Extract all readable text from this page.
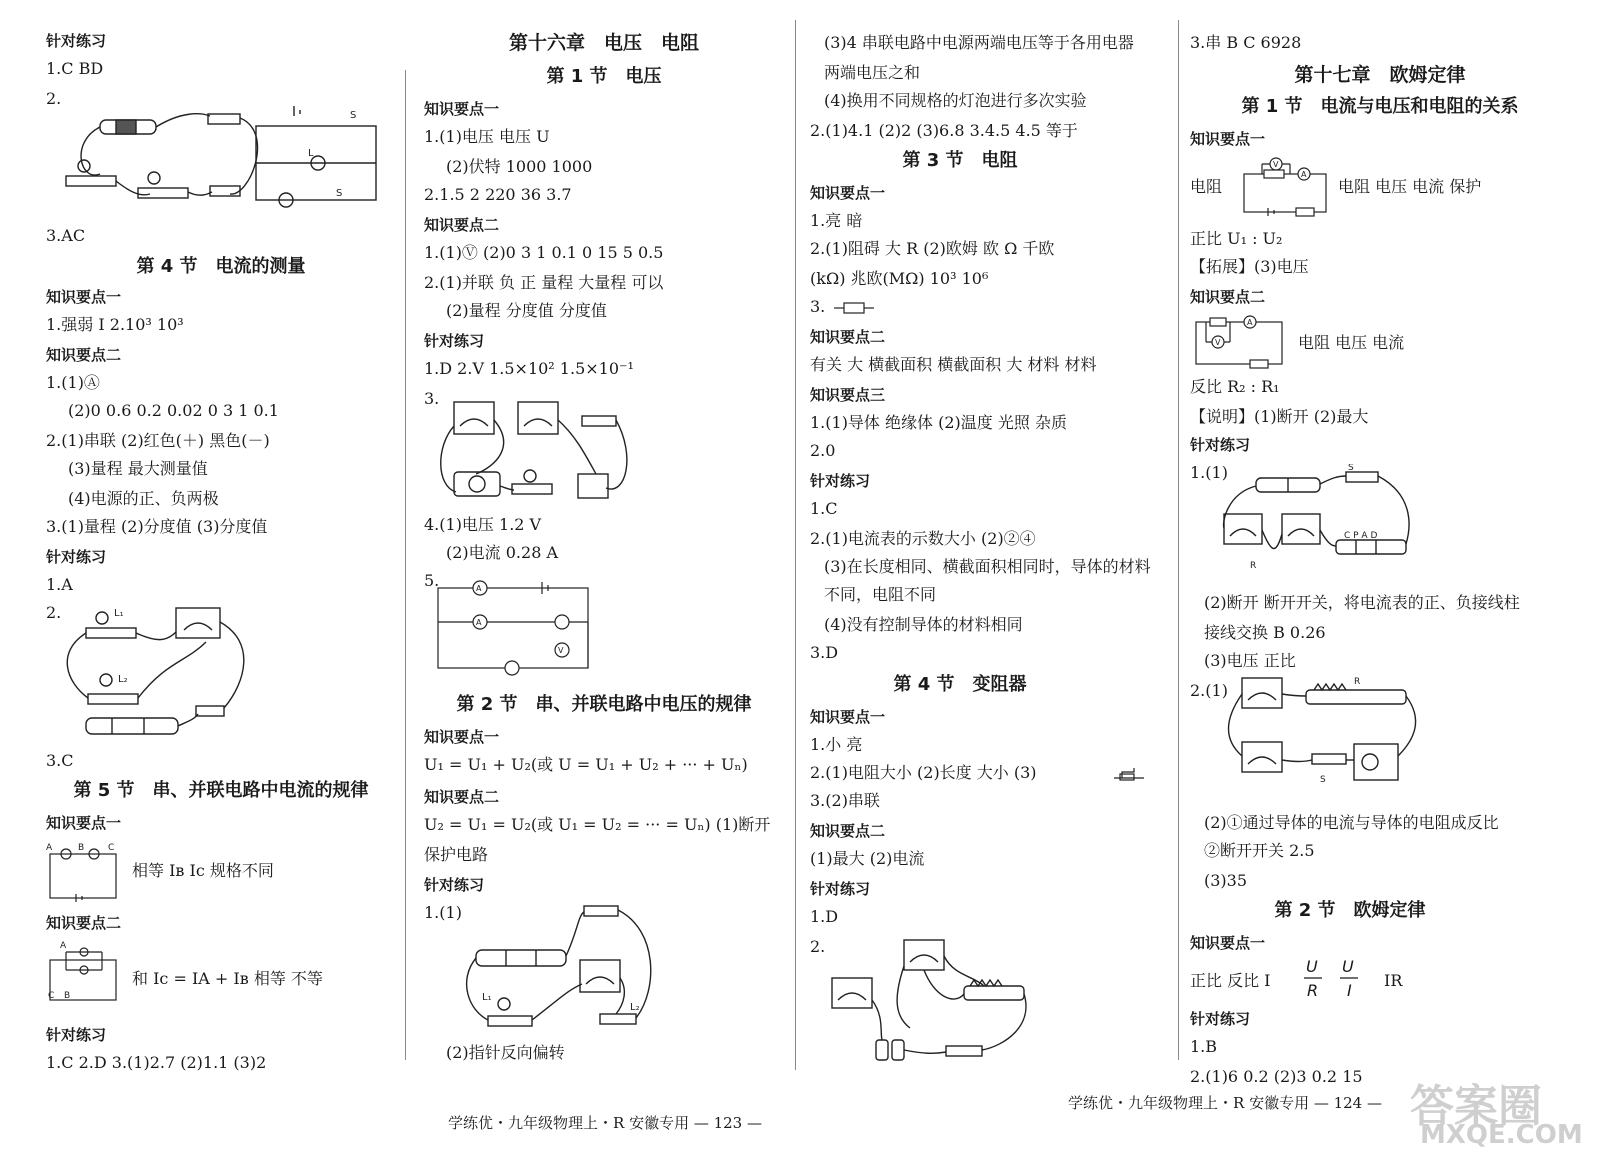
针对练习
1.C BD
2.
L
S
S
3.AC
第 4 节　电流的测量
知识要点一
1.强弱 I 2.10³ 10³
知识要点二
1.(1)Ⓐ
(2)0 0.6 0.2 0.02 0 3 1 0.1
2.(1)串联 (2)红色(＋) 黑色(－)
(3)量程 最大测量值
(4)电源的正、负两极
3.(1)量程 (2)分度值 (3)分度值
针对练习
1.A
2.	L₁
L₂
3.C
第 5 节　串、并联电路中电流的规律
知识要点一
A	B	C
相等 Iв Iс 规格不同
知识要点二
A
C B
和 Iс = IA + Iв 相等 不等
针对练习
1.C 2.D 3.(1)2.7 (2)1.1 (3)2
第十六章　电压　电阻
第 1 节　电压
知识要点一
1.(1)电压 电压 U
(2)伏特 1000 1000
2.1.5 2 220 36 3.7
知识要点二
1.(1)Ⓥ (2)0 3 1 0.1 0 15 5 0.5
2.(1)并联 负 正 量程 大量程 可以
(2)量程 分度值 分度值
针对练习
1.D 2.V 1.5×10² 1.5×10⁻¹
3.
4.(1)电压 1.2 V
(2)电流 0.28 A
5.	A
A
V
第 2 节　串、并联电路中电压的规律
知识要点一
U₁ = U₁ + U₂(或 U = U₁ + U₂ + ··· + Uₙ)
知识要点二
U₂ = U₁ = U₂(或 U₁ = U₂ = ··· = Uₙ) (1)断开
保护电路
针对练习
1.(1)
L₁
L₂
(2)指针反向偏转
(3)4 串联电路中电源两端电压等于各用电器
两端电压之和
(4)换用不同规格的灯泡进行多次实验
2.(1)4.1 (2)2 (3)6.8 3.4.5 4.5 等于
第 3 节　电阻
知识要点一
1.亮 暗
2.(1)阻碍 大 R (2)欧姆 欧 Ω 千欧
(kΩ) 兆欧(MΩ) 10³ 10⁶
3.
知识要点二
有关 大 横截面积 横截面积 大 材料 材料
知识要点三
1.(1)导体 绝缘体 (2)温度 光照 杂质
2.0
针对练习
1.C
2.(1)电流表的示数大小 (2)②④
(3)在长度相同、横截面积相同时，导体的材料
不同，电阻不同
(4)没有控制导体的材料相同
3.D
第 4 节　变阻器
知识要点一
1.小 亮
2.(1)电阻大小 (2)长度 大小 (3)
3.(2)串联
知识要点二
(1)最大 (2)电流
针对练习
1.D
2.
3.串 B C 6928
第十七章　欧姆定律
第 1 节　电流与电压和电阻的关系
知识要点一
电阻
V
A
电阻 电压 电流 保护
正比 U₁ : U₂
【拓展】(3)电压
知识要点二
V
A
电阻 电压 电流
反比 R₂ : R₁
【说明】(1)断开 (2)最大
针对练习
1.(1)	S
C P A D
R
(2)断开 断开开关，将电流表的正、负接线柱
接线交换 B 0.26
(3)电压 正比
2.(1)	R
S
(2)①通过导体的电流与导体的电阻成反比
②断开开关 2.5
(3)35
第 2 节　欧姆定律
知识要点一
正比 反比 I
U
R
U
I
IR
针对练习
1.B
2.(1)6 0.2 (2)3 0.2 15
学练优・九年级物理上・R 安徽专用 — 123 —
学练优・九年级物理上・R 安徽专用 — 124 — 答案圈
MXQE.COM
